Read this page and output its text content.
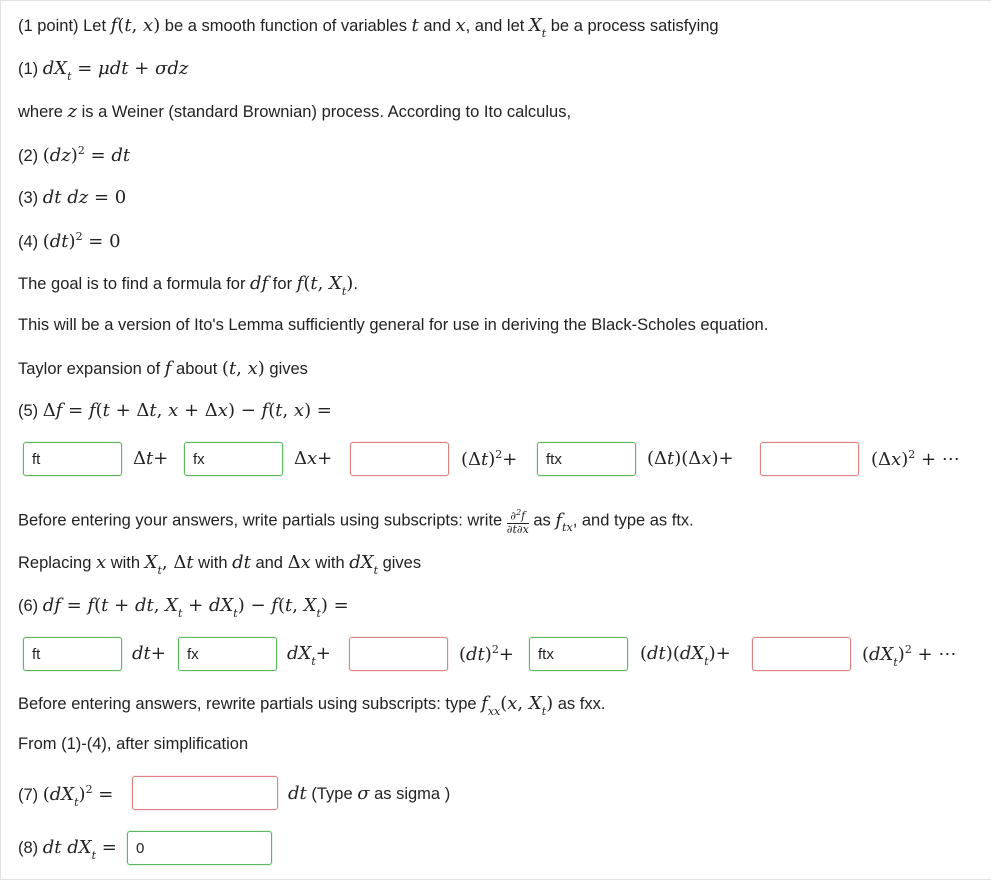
(1 point) Let f(t, x) be a smooth function of variables t and x, and let $X_t$ be a process satisfying
(1) $dX_t = \mu dt + \sigma dz$
where z is a Weiner (standard Brownian) process. According to Ito calculus,
(2) (dz)$^2$ = dt
(3) dt dz = 0
(4) (dt)$^2$ = 0
The goal is to find a formula for df for f(t, $X_t$).
This will be a version of Ito's Lemma sufficiently general for use in deriving the Black-Scholes equation.
Taylor expansion of f about (t, x) gives
(5) Δf = f(t + Δt, x + Δx) − f(t, x) =
ft
Δt+
fx	Δx+	$(\Delta t)^2+$
ftx	(Δt)(Δx)+	$(\Delta x)^2$ + ⋯
Before entering your answers, write partials using subscripts: write $\frac{\partial^2f}{\partial t\partial x}$ as $f_{tx}$, and type as ftx.
Replacing x with $X_t$, Δt with dt and Δx with $dX_t$ gives
(6) df = f(t + dt, $X_t + dX_t) - f(t$, $X_t$) =
ft
dt+
fx	$dX_t+$	(dt)$^2$+
ftx	$(dt)(dX_t)+$	$(dX_t)^2$ + ⋯
Before entering answers, rewrite partials using subscripts: type $f_{xx}(x$, $X_t$) as fxx.
From (1)-(4), after simplification
(7) $(dX_t)^2$ =	dt (Type σ as sigma )
(8) dt $dX_t$ =
0
